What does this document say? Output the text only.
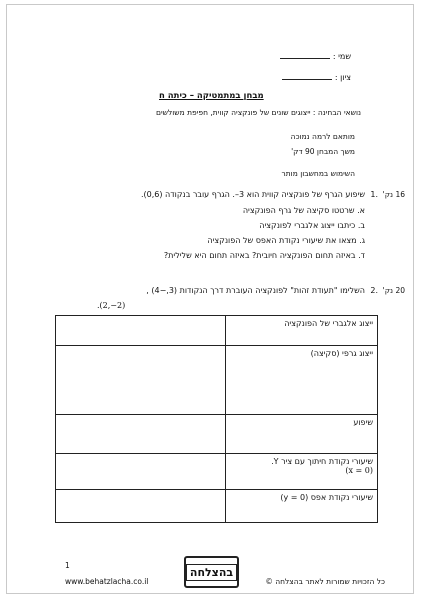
שמי :
ציון :
מבחן במתמטיקה – כיתה ח
נושאי הבחינה : ייצוגים שונים של פונקציה קווית, חפיפת משולשים
מותאם לרמה נמוכה
משך המבחן 90 דק'
השימוש במחשבון מותר
16 נק'
1.
שיפוע הגרף של פונקציה קווית הוא 3–. הגרף עובר בנקודה (0,6).
א. שרטטו סקיצה של גרף הפונקציה
ב. כיתבו ייצוג אלגברי לפונקציה
ג. מצאו את שיעורי נקודת האפס של הפונקציה
ד. באיזה תחום הפונקציה חיובית? באיזה תחום היא שלילית?
20 נק'
2.
השלימו "תעודת זהות" לפונקציה העוברת דרך הנקודות (3,−4) ,
.(2,−2)
ייצוג אלגברי של הפונקציה	
ייצוג גרפי (סקיצה)	
שיפוע	

שיעורי נקודת חיתוך עם ציר Y.
(x = 0)	

שיעורי נקודת אפס (y = 0)	
1
www.behatzlacha.co.il
בהצלחה
כל הזכויות שמורות לאתר בהצלחה ©
